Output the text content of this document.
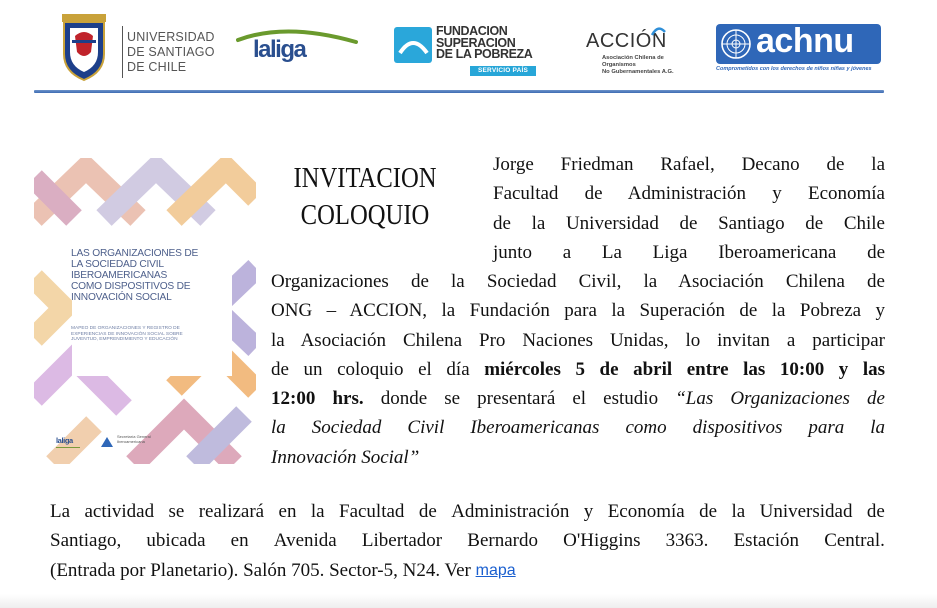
UNIVERSIDAD
DE SANTIAGO
DE CHILE
laliga
FUNDACION
SUPERACION
DE LA POBREZA
SERVICIO PAÍS
ACCIÓN
Asociación Chilena de Organismos
No Gubernamentales A.G.
achnu
Comprometidos con los derechos de niños niñas y jóvenes
LAS ORGANIZACIONES DE LA SOCIEDAD CIVIL IBEROAMERICANAS COMO DISPOSITIVOS DE INNOVACIÓN SOCIAL
MAPEO DE ORGANIZACIONES Y REGISTRO DE EXPERIENCIAS DE INNOVACIÓN SOCIAL SOBRE JUVENTUD, EMPRENDIMIENTO Y EDUCACIÓN
laliga	Secretaría General Iberoamericana
INVITACION
COLOQUIO
Jorge Friedman Rafael, Decano de la
Facultad de Administración y Economía
de la Universidad de Santiago de Chile
junto a La Liga Iberoamericana de
Organizaciones de la Sociedad Civil, la Asociación Chilena de
ONG – ACCION, la Fundación para la Superación de la Pobreza y
la Asociación Chilena Pro Naciones Unidas, lo invitan a participar
de un coloquio el día miércoles 5 de abril entre las 10:00 y las
12:00 hrs. donde se presentará el estudio “Las Organizaciones de
la Sociedad Civil Iberoamericanas como dispositivos para la
Innovación Social”
La actividad se realizará en la Facultad de Administración y Economía de la Universidad de
Santiago, ubicada en Avenida Libertador Bernardo O'Higgins 3363. Estación Central.
(Entrada por Planetario). Salón 705. Sector-5, N24. Ver mapa
